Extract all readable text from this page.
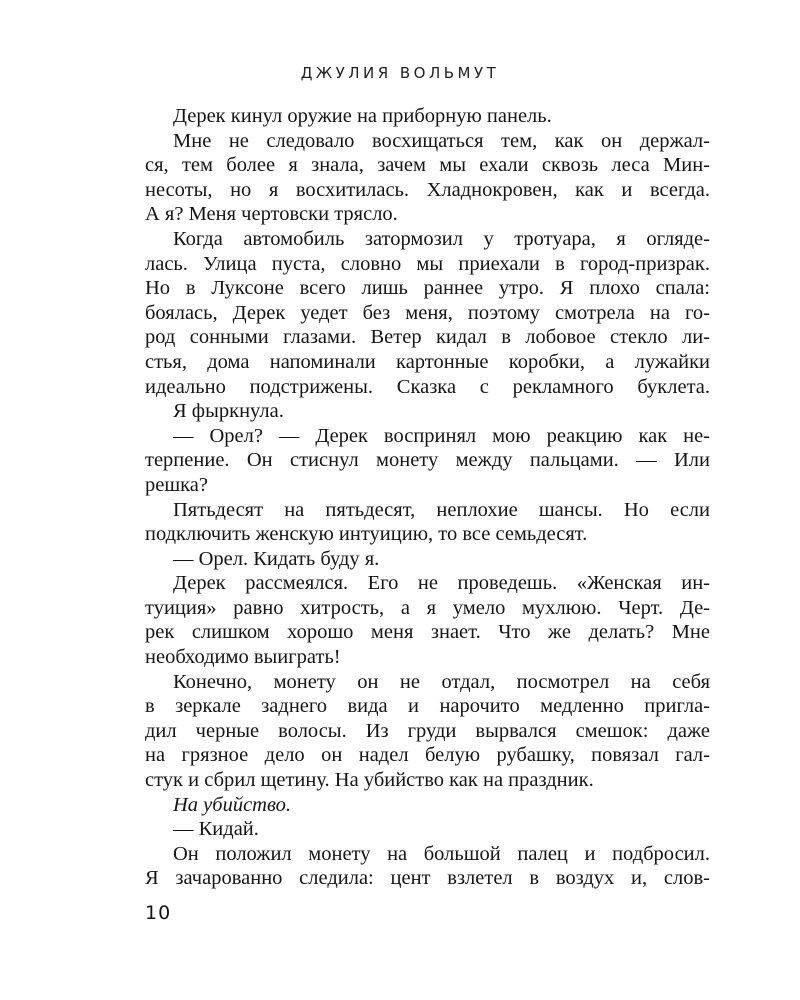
ДЖУЛИЯ ВОЛЬМУТ
Дерек кинул оружие на приборную панель.
Мне не следовало восхищаться тем, как он держал-
ся, тем более я знала, зачем мы ехали сквозь леса Мин-
несоты, но я восхитилась. Хладнокровен, как и всегда.
А я? Меня чертовски трясло.
Когда автомобиль затормозил у тротуара, я огляде-
лась. Улица пуста, словно мы приехали в город-призрак.
Но в Луксоне всего лишь раннее утро. Я плохо спала:
боялась, Дерек уедет без меня, поэтому смотрела на го-
род сонными глазами. Ветер кидал в лобовое стекло ли-
стья, дома напоминали картонные коробки, а лужайки
идеально подстрижены. Сказка с рекламного буклета.
Я фыркнула.
— Орел? — Дерек воспринял мою реакцию как не-
терпение. Он стиснул монету между пальцами. — Или
решка?
Пятьдесят на пятьдесят, неплохие шансы. Но если
подключить женскую интуицию, то все семьдесят.
— Орел. Кидать буду я.
Дерек рассмеялся. Его не проведешь. «Женская ин-
туиция» равно хитрость, а я умело мухлюю. Черт. Де-
рек слишком хорошо меня знает. Что же делать? Мне
необходимо выиграть!
Конечно, монету он не отдал, посмотрел на себя
в зеркале заднего вида и нарочито медленно пригла-
дил черные волосы. Из груди вырвался смешок: даже
на грязное дело он надел белую рубашку, повязал гал-
стук и сбрил щетину. На убийство как на праздник.
На убийство.
— Кидай.
Он положил монету на большой палец и подбросил.
Я зачарованно следила: цент взлетел в воздух и, слов-
10
